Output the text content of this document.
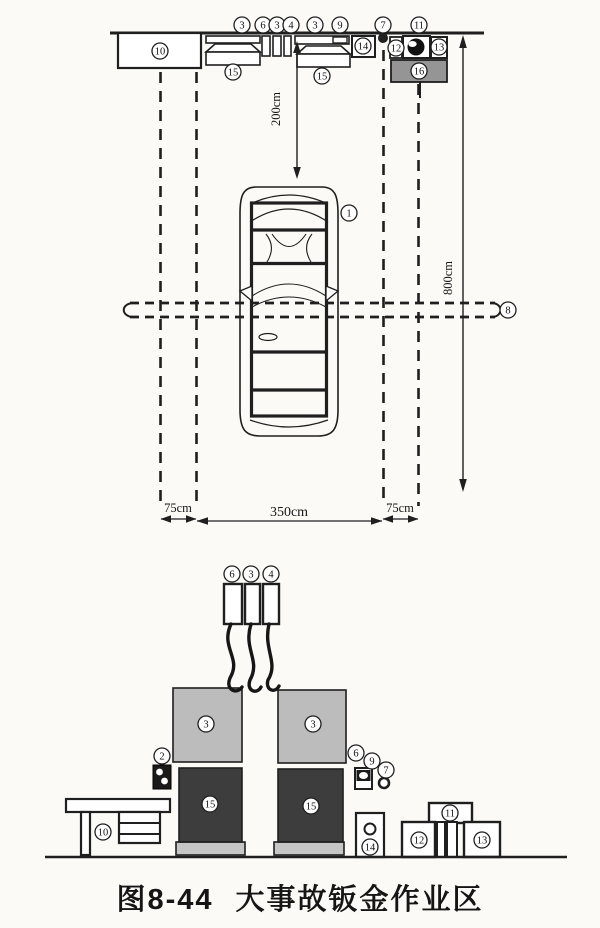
200cm
800cm
75cm	350cm	75cm
3 6 3 4 3 9	7	11
10
15	15
14 12	13
16
1
8
6 3 4
3	3
2
15	15
6
9
7
10
14
12
11
13
图8-44 大事故钣金作业区
